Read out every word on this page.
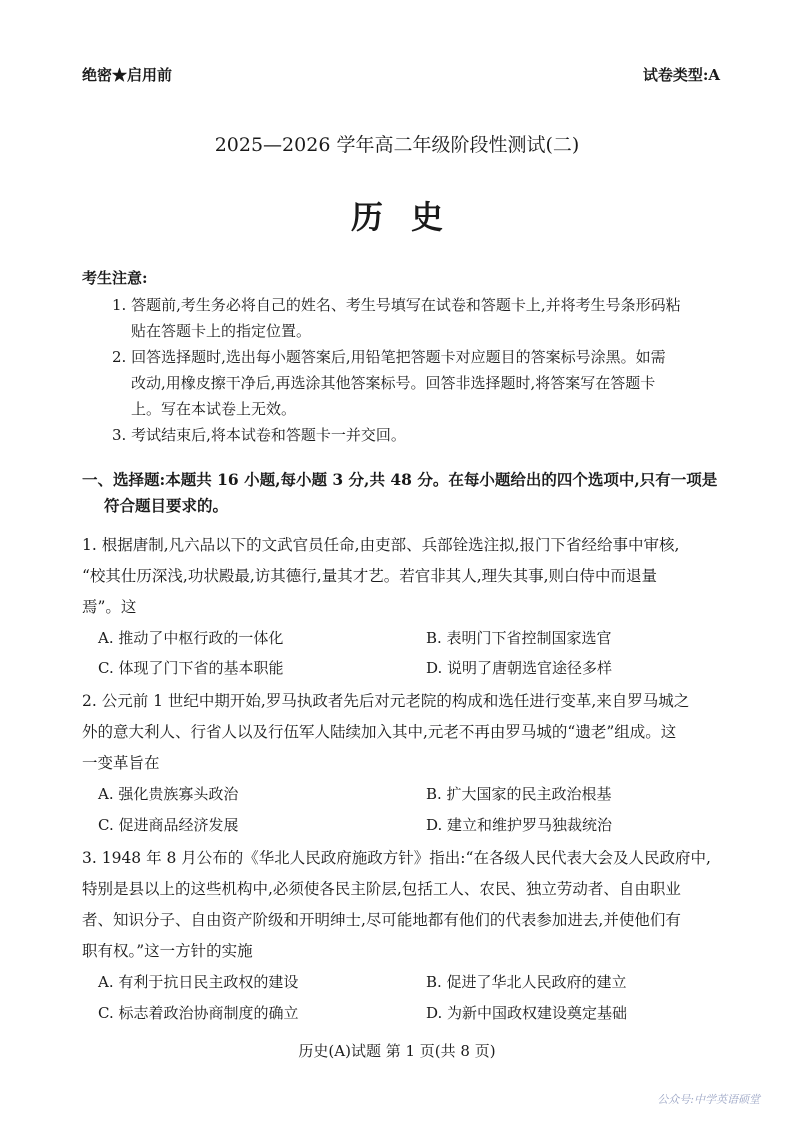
绝密★启用前	试卷类型:A
2025—2026 学年高二年级阶段性测试(二)
历史
考生注意:
1. 答题前,考生务必将自己的姓名、考生号填写在试卷和答题卡上,并将考生号条形码粘
贴在答题卡上的指定位置。
2. 回答选择题时,选出每小题答案后,用铅笔把答题卡对应题目的答案标号涂黑。如需
改动,用橡皮擦干净后,再选涂其他答案标号。回答非选择题时,将答案写在答题卡
上。写在本试卷上无效。
3. 考试结束后,将本试卷和答题卡一并交回。
一、选择题:本题共 16 小题,每小题 3 分,共 48 分。在每小题给出的四个选项中,只有一项是
符合题目要求的。
1. 根据唐制,凡六品以下的文武官员任命,由吏部、兵部铨选注拟,报门下省经给事中审核,
“校其仕历深浅,功状殿最,访其德行,量其才艺。若官非其人,理失其事,则白侍中而退量
焉”。这
A. 推动了中枢行政的一体化	B. 表明门下省控制国家选官
C. 体现了门下省的基本职能	D. 说明了唐朝选官途径多样
2. 公元前 1 世纪中期开始,罗马执政者先后对元老院的构成和选任进行变革,来自罗马城之
外的意大利人、行省人以及行伍军人陆续加入其中,元老不再由罗马城的“遗老”组成。这
一变革旨在
A. 强化贵族寡头政治	B. 扩大国家的民主政治根基
C. 促进商品经济发展	D. 建立和维护罗马独裁统治
3. 1948 年 8 月公布的《华北人民政府施政方针》指出:“在各级人民代表大会及人民政府中,
特别是县以上的这些机构中,必须使各民主阶层,包括工人、农民、独立劳动者、自由职业
者、知识分子、自由资产阶级和开明绅士,尽可能地都有他们的代表参加进去,并使他们有
职有权。”这一方针的实施
A. 有利于抗日民主政权的建设	B. 促进了华北人民政府的建立
C. 标志着政治协商制度的确立	D. 为新中国政权建设奠定基础
历史(A)试题 第 1 页(共 8 页)
公众号:中学英语硕堂
